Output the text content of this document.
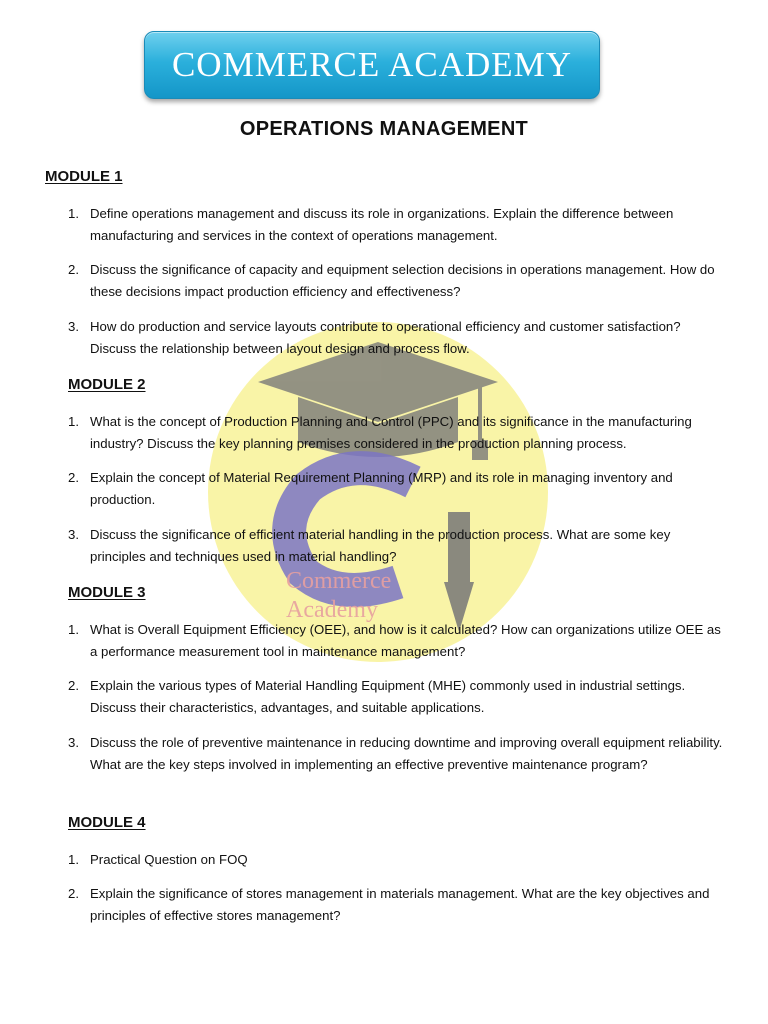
COMMERCE ACADEMY
OPERATIONS MANAGEMENT
Commerce
Academy
MODULE 1
1. Define operations management and discuss its role in organizations. Explain the difference between manufacturing and services in the context of operations management.
2. Discuss the significance of capacity and equipment selection decisions in operations management. How do these decisions impact production efficiency and effectiveness?
3. How do production and service layouts contribute to operational efficiency and customer satisfaction? Discuss the relationship between layout design and process flow.
MODULE 2
1. What is the concept of Production Planning and Control (PPC) and its significance in the manufacturing industry? Discuss the key planning premises considered in the production planning process.
2. Explain the concept of Material Requirement Planning (MRP) and its role in managing inventory and production.
3. Discuss the significance of efficient material handling in the production process. What are some key principles and techniques used in material handling?
MODULE 3
1. What is Overall Equipment Efficiency (OEE), and how is it calculated? How can organizations utilize OEE as a performance measurement tool in maintenance management?
2. Explain the various types of Material Handling Equipment (MHE) commonly used in industrial settings. Discuss their characteristics, advantages, and suitable applications.
3. Discuss the role of preventive maintenance in reducing downtime and improving overall equipment reliability. What are the key steps involved in implementing an effective preventive maintenance program?
MODULE 4
1. Practical Question on FOQ
2. Explain the significance of stores management in materials management. What are the key objectives and principles of effective stores management?
